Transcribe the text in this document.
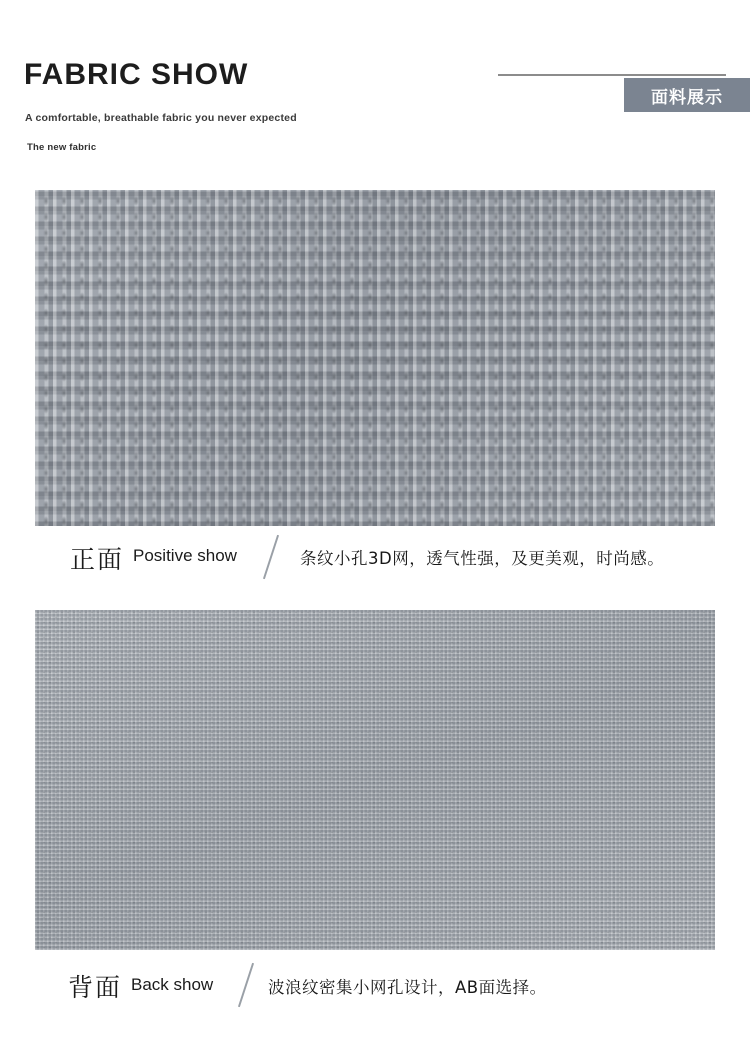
FABRIC SHOW
A comfortable, breathable fabric you never expected
The new fabric
面料展示
正面 Positive show	条纹小孔3D网，透气性强，及更美观，时尚感。
背面 Back show	波浪纹密集小网孔设计，AB面选择。
